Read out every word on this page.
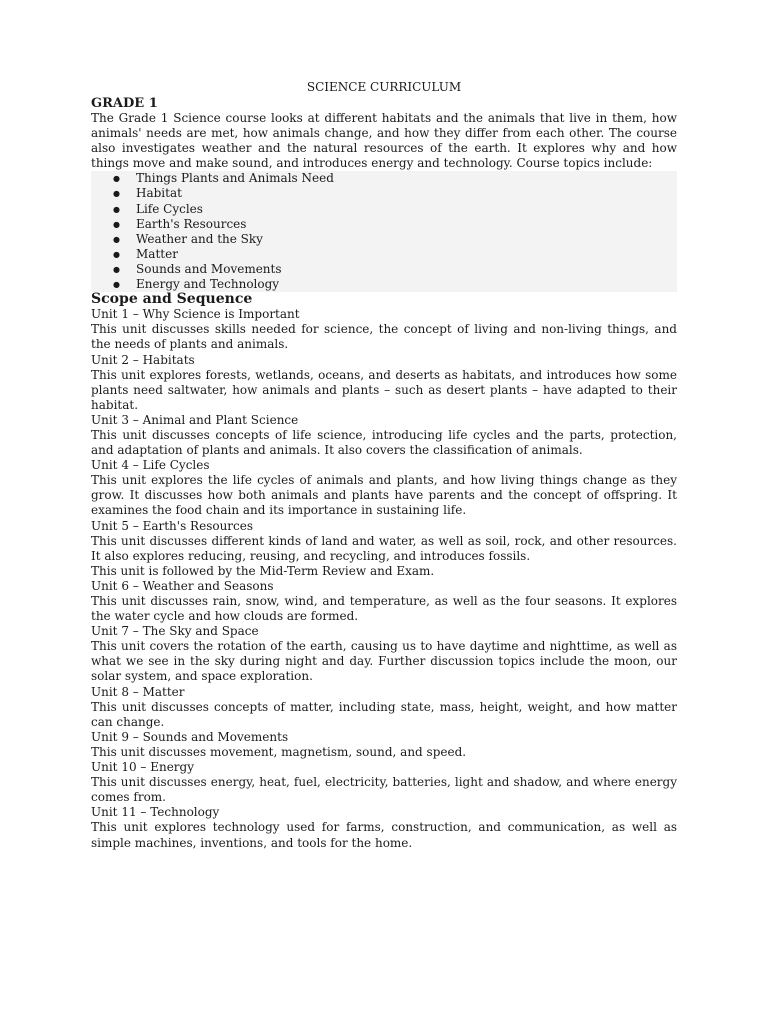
SCIENCE CURRICULUM
GRADE 1

The Grade 1 Science course looks at different habitats and the animals that live in them, how animals' needs are met, how animals change, and how they differ from each other. The course also investigates weather and the natural resources of the earth. It explores why and how things move and make sound, and introduces energy and technology. Course topics include:

● Things Plants and Animals Need
● Habitat
● Life Cycles
● Earth's Resources
● Weather and the Sky
● Matter
● Sounds and Movements
● Energy and Technology
Scope and Sequence

Unit 1 – Why Science is Important

This unit discusses skills needed for science, the concept of living and non-living things, and the needs of plants and animals.

Unit 2 – Habitats

This unit explores forests, wetlands, oceans, and deserts as habitats, and introduces how some plants need saltwater, how animals and plants – such as desert plants – have adapted to their habitat.

Unit 3 – Animal and Plant Science

This unit discusses concepts of life science, introducing life cycles and the parts, protection, and adaptation of plants and animals. It also covers the classification of animals.

Unit 4 – Life Cycles

This unit explores the life cycles of animals and plants, and how living things change as they grow. It discusses how both animals and plants have parents and the concept of offspring. It examines the food chain and its importance in sustaining life.

Unit 5 – Earth's Resources

This unit discusses different kinds of land and water, as well as soil, rock, and other resources. It also explores reducing, reusing, and recycling, and introduces fossils.

This unit is followed by the Mid-Term Review and Exam.

Unit 6 – Weather and Seasons

This unit discusses rain, snow, wind, and temperature, as well as the four seasons. It explores the water cycle and how clouds are formed.

Unit 7 – The Sky and Space

This unit covers the rotation of the earth, causing us to have daytime and nighttime, as well as what we see in the sky during night and day. Further discussion topics include the moon, our solar system, and space exploration.

Unit 8 – Matter

This unit discusses concepts of matter, including state, mass, height, weight, and how matter can change.

Unit 9 – Sounds and Movements

This unit discusses movement, magnetism, sound, and speed.

Unit 10 – Energy

This unit discusses energy, heat, fuel, electricity, batteries, light and shadow, and where energy comes from.

Unit 11 – Technology

This unit explores technology used for farms, construction, and communication, as well as simple machines, inventions, and tools for the home.
